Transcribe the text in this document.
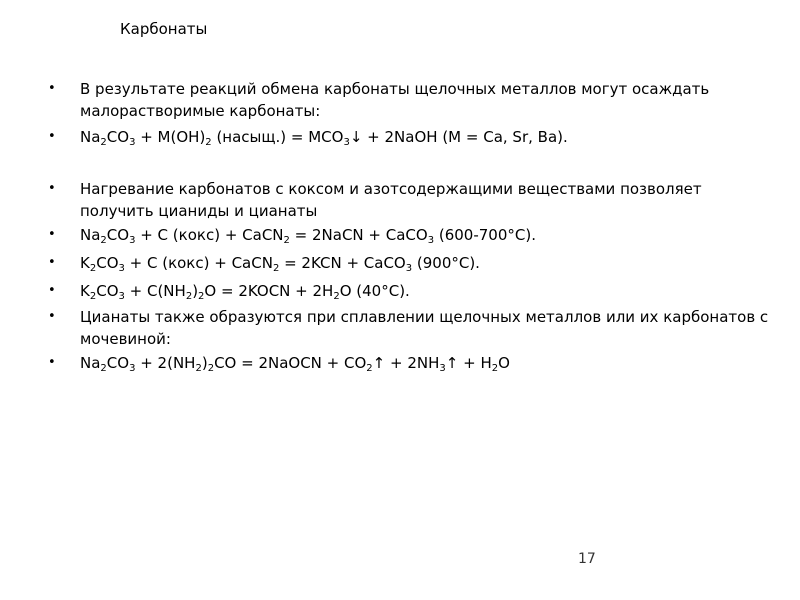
Карбонаты
• В результате реакций обмена карбонаты щелочных металлов могут осаждать малорастворимые карбонаты:
• $Na_2CO_3 + M(OH)_2$ (насыщ.) = $MCO_3↓$ + 2NaOH (M = Ca, Sr, Ba).
• Нагревание карбонатов с коксом и азотсодержащими веществами позволяет получить цианиды и цианаты
• $Na_2CO_3 + C$ (кокс) + CaCN$_2$ = 2NaCN + CaCO$_3$ (600-700°C).
• $K_2CO_3 + C$ (кокс) + CaCN$_2$ = 2KCN + CaCO$_3$ (900°C).
• $K_2CO_3 + C(NH_2)_2O$ = 2KOCN + $2H_2O$ (40°C).
• Цианаты также образуются при сплавлении щелочных металлов или их карбонатов с мочевиной:
• $Na_2CO_3 + 2(NH_2)_2CO$ = 2NaOCN + $CO_2↑$ + $2NH_3↑ + H_2O$
17
